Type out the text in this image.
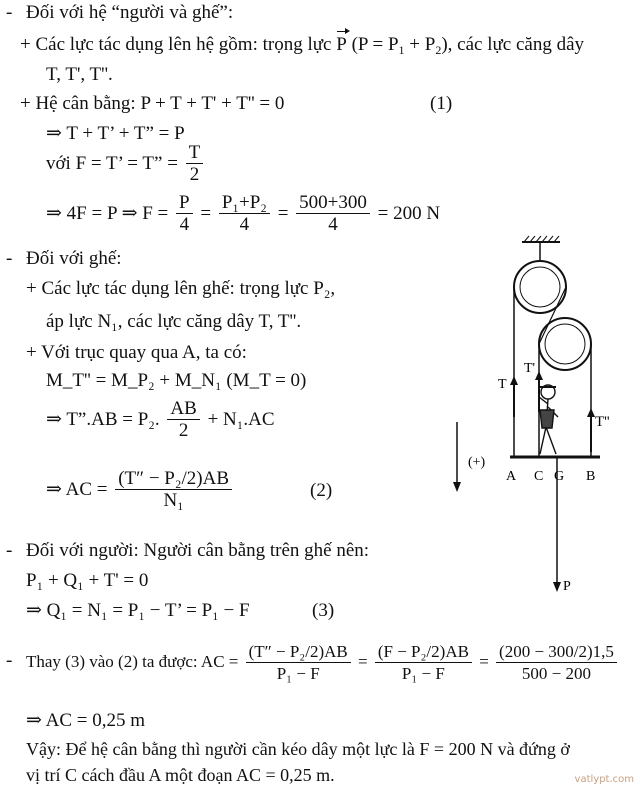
- Đối với hệ “người và ghế”:
+ Các lực tác dụng lên hệ gồm: trọng lực P $(P = P_1 + P_2)$, các lực căng dây
T, T', T''.
+ Hệ cân bằng: P + T + T' + T'' = 0	(1)
⇒ T + T’ + T” = P
với F = T’ = T” = $\frac{T}{2}$
⇒ 4F = P ⇒ $F = \frac{P}{4} = \frac{\text{P₁+P₂}}{4} = \frac{500+300}{4} = 200$ N
- Đối với ghế:
+ Các lực tác dụng lên ghế: trọng lực P₂,
áp lực N₁, các lực căng dây T, T''.
+ Với trục quay qua A, ta có:
M_T'' = M_P₂ + M_N₁ (M_T = 0)
⇒ T”.AB = P₂. $\frac{AB}{2} + N_1.AC$
⇒ AC = $\frac{\text{(T″ − P₂/2)AB}}{\text{N₁}}$	(2)
- Đối với người: Người cân bằng trên ghế nên:
P₁ + Q₁ + T' = 0
⇒ Q₁ = N₁ = P₁ − T’ = P₁ − F	(3)
- Thay (3) vào (2) ta được: AC = $\frac{\text{(T″ − P₂/2)AB}}{\text{P₁ − F}} = \frac{\text{(F − P₂/2)AB}}{\text{P₁ − F}} = \frac{(200 - 300/2)1,5}{500 - 200}$
⇒ AC = 0,25 m
Vậy: Để hệ cân bằng thì người cần kéo dây một lực là F = 200 N và đứng ở
vị trí C cách đầu A một đoạn AC = 0,25 m.
T
T'
T''
(+)
A C G B
P
vatlypt.com
